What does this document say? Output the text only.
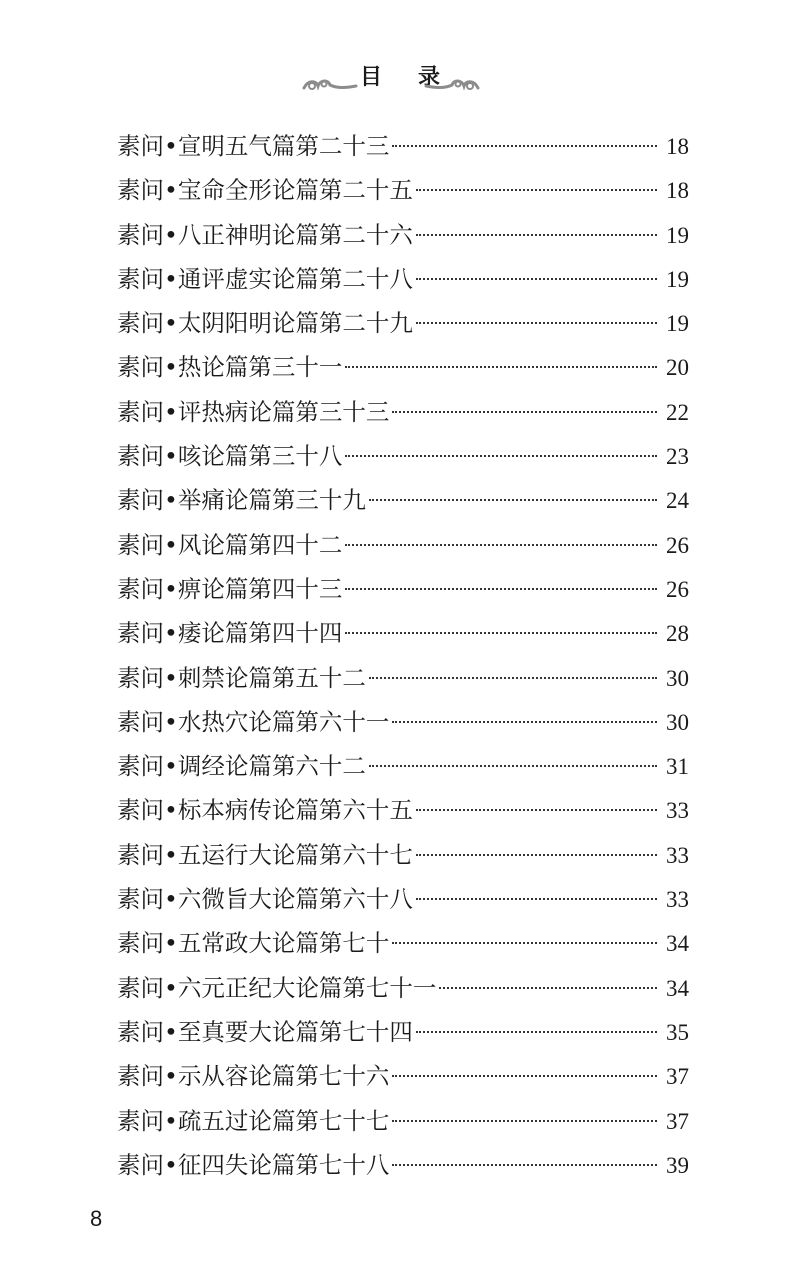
目录
素问•宣明五气篇第二十三	18
素问•宝命全形论篇第二十五	18
素问•八正神明论篇第二十六	19
素问•通评虚实论篇第二十八	19
素问•太阴阳明论篇第二十九	19
素问•热论篇第三十一	20
素问•评热病论篇第三十三	22
素问•咳论篇第三十八	23
素问•举痛论篇第三十九	24
素问•风论篇第四十二	26
素问•痹论篇第四十三	26
素问•痿论篇第四十四	28
素问•刺禁论篇第五十二	30
素问•水热穴论篇第六十一	30
素问•调经论篇第六十二	31
素问•标本病传论篇第六十五	33
素问•五运行大论篇第六十七	33
素问•六微旨大论篇第六十八	33
素问•五常政大论篇第七十	34
素问•六元正纪大论篇第七十一	34
素问•至真要大论篇第七十四	35
素问•示从容论篇第七十六	37
素问•疏五过论篇第七十七	37
素问•征四失论篇第七十八	39
8
